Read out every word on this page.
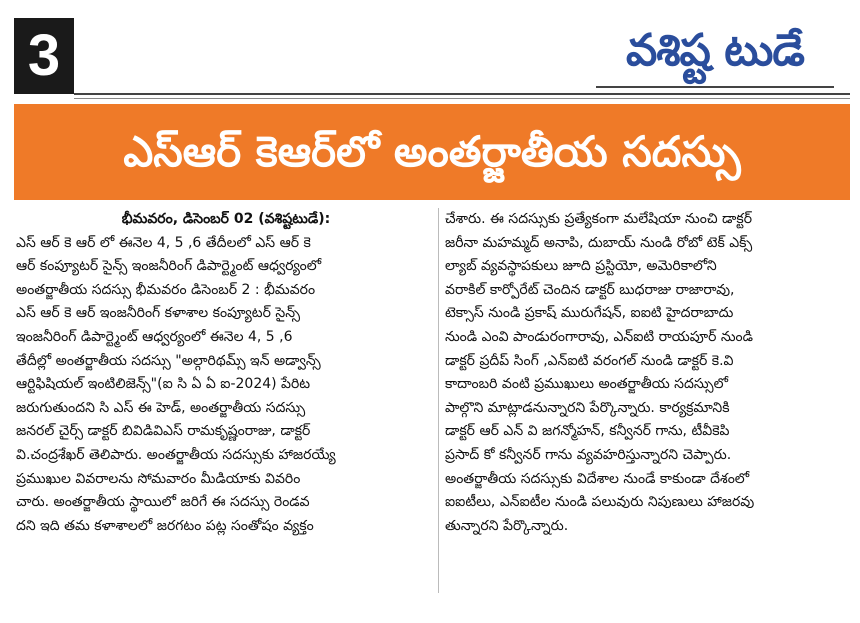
3	వశిష్ట టుడే
ఎస్ఆర్ కెఆర్‌లో అంతర్జాతీయ సదస్సు
భీమవరం, డిసెంబర్ 02 (వశిష్టటుడే):
ఎస్ ఆర్ కె ఆర్ లో ఈనెల 4, 5 ,6 తేదీలలో ఎస్ ఆర్ కె
ఆర్ కంప్యూటర్ సైన్స్ ఇంజనీరింగ్ డిపార్ట్మెంట్ ఆధ్వర్యంలో
అంతర్జాతీయ సదస్సు భీమవరం డిసెంబర్ 2 : భీమవరం
ఎస్ ఆర్ కె ఆర్ ఇంజనీరింగ్ కళాశాల కంప్యూటర్ సైన్స్
ఇంజనీరింగ్ డిపార్ట్మెంట్ ఆధ్వర్యంలో ఈనెల 4, 5 ,6
తేదీల్లో అంతర్జాతీయ సదస్సు "అల్గారిథమ్స్ ఇన్ అడ్వాన్స్
ఆర్టిఫిషియల్ ఇంటిలిజెన్స్"(ఐ సి ఏ ఏ ఐ-2024) పేరిట
జరుగుతుందని సి ఎస్ ఈ హెడ్, అంతర్జాతీయ సదస్సు
జనరల్ చైర్స్ డాక్టర్ బివిడివిఎస్ రామకృష్ణంరాజు, డాక్టర్
వి.చంద్రశేఖర్ తెలిపారు. అంతర్జాతీయ సదస్సుకు హాజరయ్యే
ప్రముఖుల వివరాలను సోమవారం మీడియాకు వివరిం
చారు. అంతర్జాతీయ స్థాయిలో జరిగే ఈ సదస్సు రెండవ
దని ఇది తమ కళాశాలలో జరగటం పట్ల సంతోషం వ్యక్తం
చేశారు. ఈ సదస్సుకు ప్రత్యేకంగా మలేషియా నుంచి డాక్టర్
జరీనా మహమ్మద్ అనాపి, దుబాయ్ నుండి రోబో టెక్ ఎక్స్
ల్యాబ్ వ్యవస్థాపకులు జూది ప్రస్టియో, అమెరికాలోని
వరాకిల్ కార్పోరేట్ చెందిన డాక్టర్ బుధరాజు రాజారావు,
టెక్సాస్ నుండి ప్రకాష్ మురుగేషన్, ఐఐటి హైదరాబాదు
నుండి ఎంవి పాండురంగారావు, ఎన్ఐటి రాయపూర్ నుండి
డాక్టర్ ప్రదీప్ సింగ్ ,ఎన్ఐటి వరంగల్ నుండి డాక్టర్ కె.వి
కాదాంబరి వంటి ప్రముఖులు అంతర్జాతీయ సదస్సులో
పాల్గొని మాట్లాడనున్నారని పేర్కొన్నారు. కార్యక్రమానికి
డాక్టర్ ఆర్ ఎన్ వి జగన్మోహన్, కన్వీనర్ గాను, టీవీకెపి
ప్రసాద్ కో కన్వీనర్ గాను వ్యవహరిస్తున్నారని చెప్పారు.
అంతర్జాతీయ సదస్సుకు విదేశాల నుండే కాకుండా దేశంలో
ఐఐటీలు, ఎన్ఐటీల నుండి పలువురు నిపుణులు హాజరవు
తున్నారని పేర్కొన్నారు.
